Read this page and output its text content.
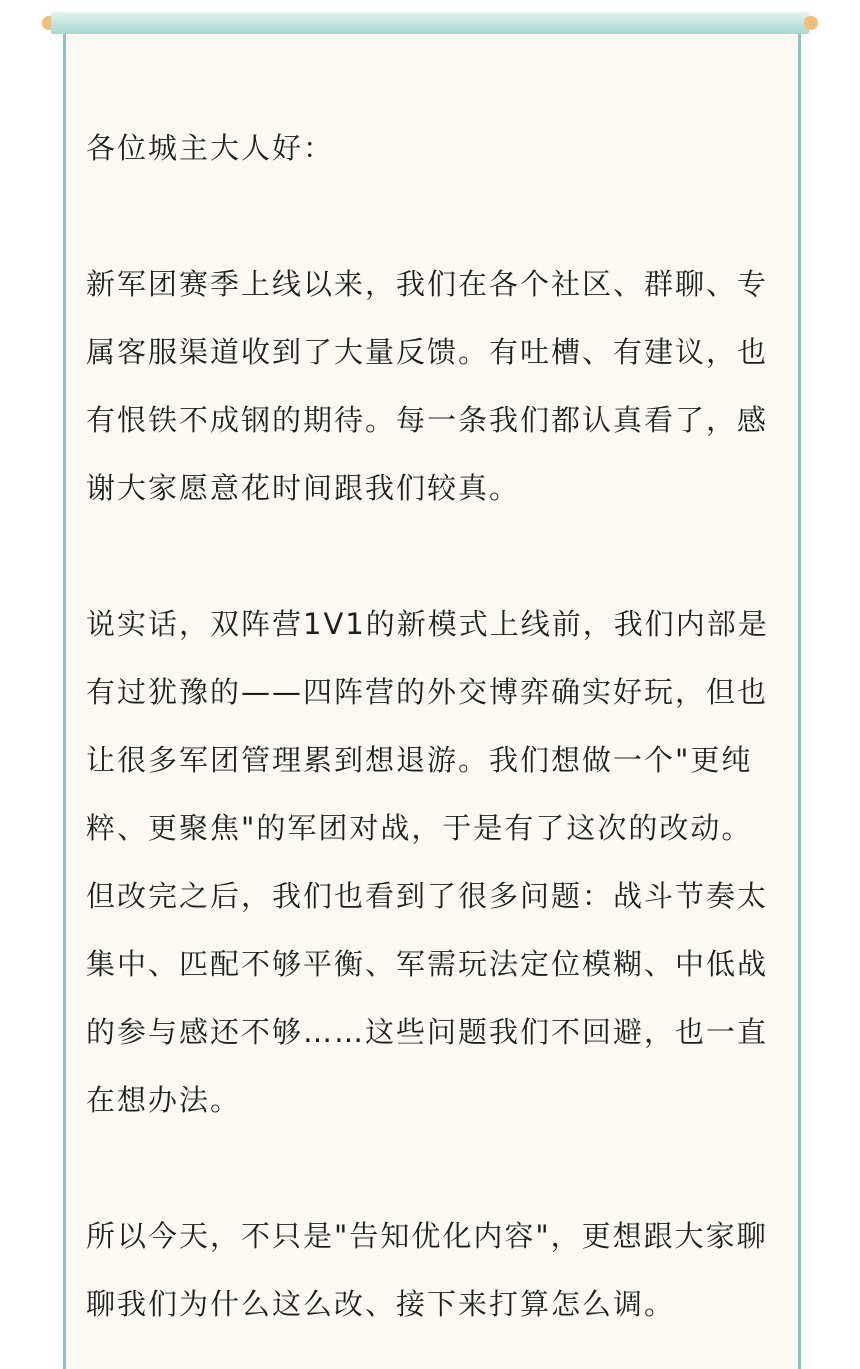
各位城主大人好：

新军团赛季上线以来，我们在各个社区、群聊、专属客服渠道收到了大量反馈。有吐槽、有建议，也有恨铁不成钢的期待。每一条我们都认真看了，感谢大家愿意花时间跟我们较真。

说实话，双阵营1V1的新模式上线前，我们内部是有过犹豫的——四阵营的外交博弈确实好玩，但也让很多军团管理累到想退游。我们想做一个"更纯粹、更聚焦"的军团对战，于是有了这次的改动。但改完之后，我们也看到了很多问题：战斗节奏太集中、匹配不够平衡、军需玩法定位模糊、中低战的参与感还不够……这些问题我们不回避，也一直在想办法。

所以今天，不只是"告知优化内容"，更想跟大家聊聊我们为什么这么改、接下来打算怎么调。
